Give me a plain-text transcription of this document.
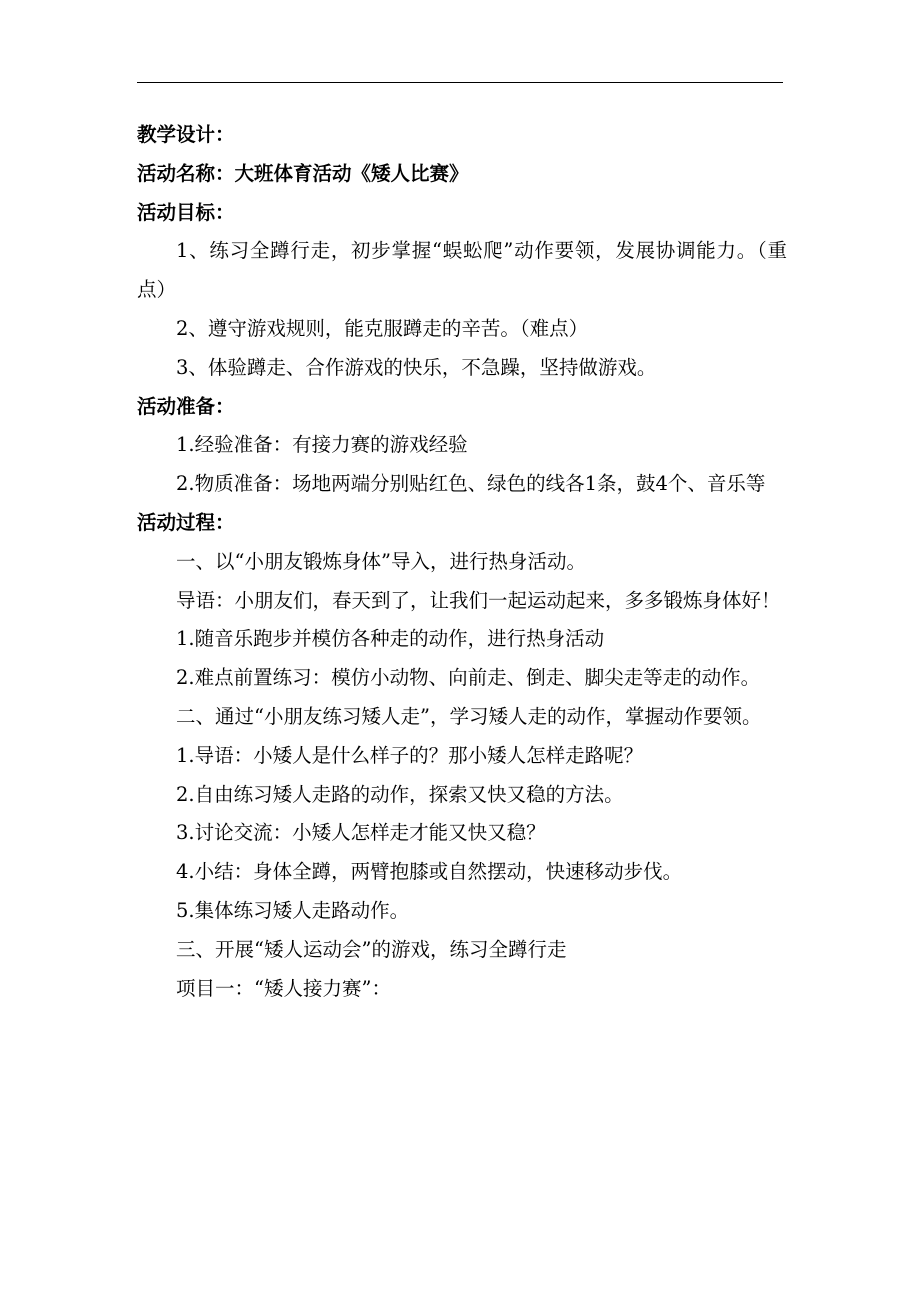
教学设计：

活动名称：大班体育活动《矮人比赛》

活动目标：

1、练习全蹲行走，初步掌握“蜈蚣爬”动作要领，发展协调能力。（重点）

2、遵守游戏规则，能克服蹲走的辛苦。（难点）

3、体验蹲走、合作游戏的快乐，不急躁，坚持做游戏。

活动准备：

1.经验准备：有接力赛的游戏经验

2.物质准备：场地两端分别贴红色、绿色的线各1条，鼓4个、音乐等

活动过程：

一、以“小朋友锻炼身体”导入，进行热身活动。

导语：小朋友们，春天到了，让我们一起运动起来，多多锻炼身体好！

1.随音乐跑步并模仿各种走的动作，进行热身活动

2.难点前置练习：模仿小动物、向前走、倒走、脚尖走等走的动作。

二、通过“小朋友练习矮人走”，学习矮人走的动作，掌握动作要领。

1.导语：小矮人是什么样子的？那小矮人怎样走路呢？

2.自由练习矮人走路的动作，探索又快又稳的方法。

3.讨论交流：小矮人怎样走才能又快又稳？

4.小结：身体全蹲，两臂抱膝或自然摆动，快速移动步伐。

5.集体练习矮人走路动作。

三、开展“矮人运动会”的游戏，练习全蹲行走

项目一：“矮人接力赛”：
